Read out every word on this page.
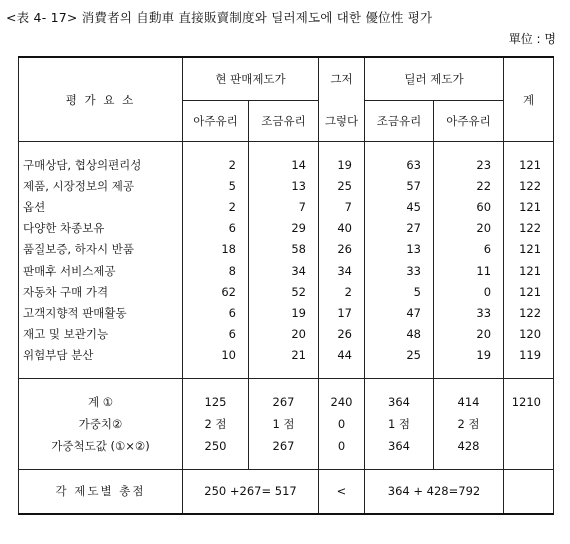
<表 4- 17> 消費者의 自動車 直接販賣制度와 딜러제도에 대한 優位性 평가
單位 : 명
평 가 요 소	현 판매제도가		그저	딜러 제도가		계
	아주유리	조금유리	그렇다	조금유리	아주유리	

구매상담, 협상의편리성	2	14	19	63	23	121
제품, 시장정보의 제공	5	13	25	57	22	122
옵션	2	7	7	45	60	121
다양한 차종보유	6	29	40	27	20	122
품질보증, 하자시 반품	18	58	26	13	6	121
판매후 서비스제공	8	34	34	33	11	121
자동차 구매 가격	62	52	2	5	0	121
고객지향적 판매활동	6	19	17	47	33	122
재고 및 보관기능	6	20	26	48	20	120
위험부담 분산	10	21	44	25	19	119

계 ①	125	267	240	364	414	1210
가중치②	2 점	1 점	0	1 점	2 점	
가중척도값 (①×②)	250	267	0	364	428	

각 제도별 총점	250 +267= 517		<	364 + 428=792		
